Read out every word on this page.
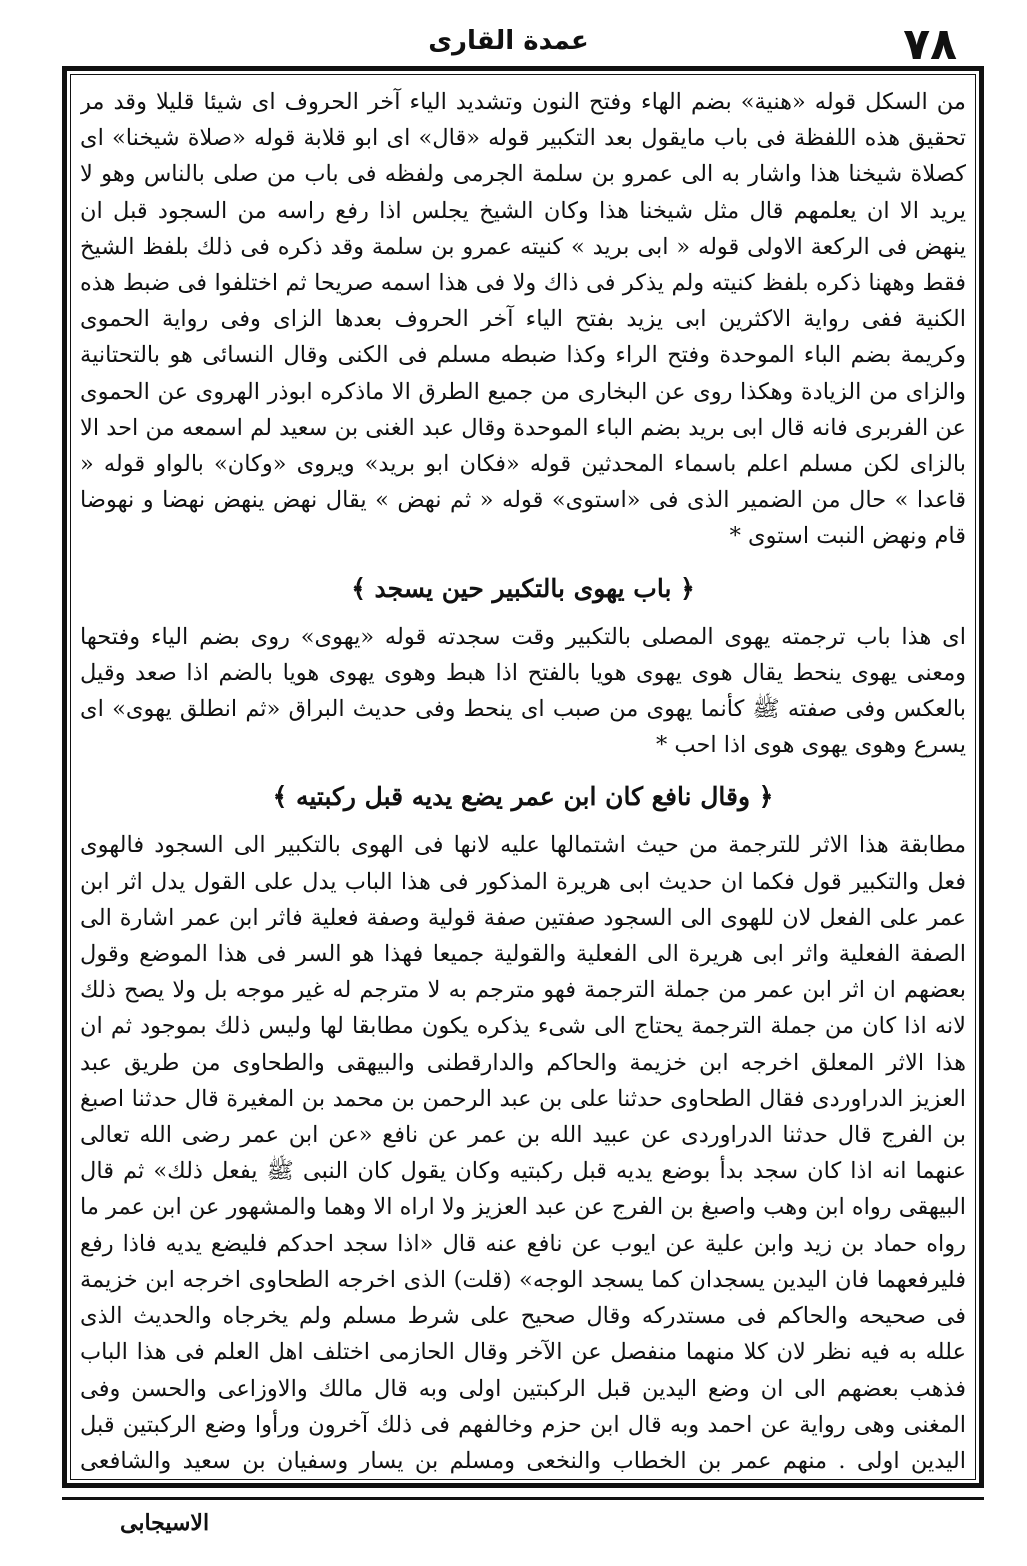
٧٨
عمدة القارى

من السكل قوله «هنية» بضم الهاء وفتح النون وتشديد الياء آخر الحروف اى شيئا قليلا وقد مر تحقيق هذه اللفظة فى باب مايقول بعد التكبير قوله «قال» اى ابو قلابة قوله «صلاة شيخنا» اى كصلاة شيخنا هذا واشار به الى عمرو بن سلمة الجرمى ولفظه فى باب من صلى بالناس وهو لا يريد الا ان يعلمهم قال مثل شيخنا هذا وكان الشيخ يجلس اذا رفع راسه من السجود قبل ان ينهض فى الركعة الاولى قوله « ابى بريد » كنيته عمرو بن سلمة وقد ذكره فى ذلك بلفظ الشيخ فقط وههنا ذكره بلفظ كنيته ولم يذكر فى ذاك ولا فى هذا اسمه صريحا ثم اختلفوا فى ضبط هذه الكنية ففى رواية الاكثرين ابى يزيد بفتح الياء آخر الحروف بعدها الزاى وفى رواية الحموى وكريمة بضم الباء الموحدة وفتح الراء وكذا ضبطه مسلم فى الكنى وقال النسائى هو بالتحتانية والزاى من الزيادة وهكذا روى عن البخارى من جميع الطرق الا ماذكره ابوذر الهروى عن الحموى عن الفربرى فانه قال ابى بريد بضم الباء الموحدة وقال عبد الغنى بن سعيد لم اسمعه من احد الا بالزاى لكن مسلم اعلم باسماء المحدثين قوله «فكان ابو بريد» ويروى «وكان» بالواو قوله « قاعدا » حال من الضمير الذى فى «استوى» قوله « ثم نهض » يقال نهض ينهض نهضا و نهوضا قام ونهض النبت استوى *

﴿ باب يهوى بالتكبير حين يسجد ﴾

اى هذا باب ترجمته يهوى المصلى بالتكبير وقت سجدته قوله «يهوى» روى بضم الياء وفتحها ومعنى يهوى ينحط يقال هوى يهوى هويا بالفتح اذا هبط وهوى يهوى هويا بالضم اذا صعد وقيل بالعكس وفى صفته ﷺ كأنما يهوى من صبب اى ينحط وفى حديث البراق «ثم انطلق يهوى» اى يسرع وهوى يهوى هوى اذا احب *

﴿ وقال نافع كان ابن عمر يضع يديه قبل ركبتيه ﴾

مطابقة هذا الاثر للترجمة من حيث اشتمالها عليه لانها فى الهوى بالتكبير الى السجود فالهوى فعل والتكبير قول فكما ان حديث ابى هريرة المذكور فى هذا الباب يدل على القول يدل اثر ابن عمر على الفعل لان للهوى الى السجود صفتين صفة قولية وصفة فعلية فاثر ابن عمر اشارة الى الصفة الفعلية واثر ابى هريرة الى الفعلية والقولية جميعا فهذا هو السر فى هذا الموضع وقول بعضهم ان اثر ابن عمر من جملة الترجمة فهو مترجم به لا مترجم له غير موجه بل ولا يصح ذلك لانه اذا كان من جملة الترجمة يحتاج الى شىء يذكره يكون مطابقا لها وليس ذلك بموجود ثم ان هذا الاثر المعلق اخرجه ابن خزيمة والحاكم والدارقطنى والبيهقى والطحاوى من طريق عبد العزيز الدراوردى فقال الطحاوى حدثنا على بن عبد الرحمن بن محمد بن المغيرة قال حدثنا اصبغ بن الفرج قال حدثنا الدراوردى عن عبيد الله بن عمر عن نافع «عن ابن عمر رضى الله تعالى عنهما انه اذا كان سجد بدأ بوضع يديه قبل ركبتيه وكان يقول كان النبى ﷺ يفعل ذلك» ثم قال البيهقى رواه ابن وهب واصبغ بن الفرج عن عبد العزيز ولا اراه الا وهما والمشهور عن ابن عمر ما رواه حماد بن زيد وابن علية عن ايوب عن نافع عنه قال «اذا سجد احدكم فليضع يديه فاذا رفع فليرفعهما فان اليدين يسجدان كما يسجد الوجه» (قلت) الذى اخرجه الطحاوى اخرجه ابن خزيمة فى صحيحه والحاكم فى مستدركه وقال صحيح على شرط مسلم ولم يخرجاه والحديث الذى علله به فيه نظر لان كلا منهما منفصل عن الآخر وقال الحازمى اختلف اهل العلم فى هذا الباب فذهب بعضهم الى ان وضع اليدين قبل الركبتين اولى وبه قال مالك والاوزاعى والحسن وفى المغنى وهى رواية عن احمد وبه قال ابن حزم وخالفهم فى ذلك آخرون ورأوا وضع الركبتين قبل اليدين اولى . منهم عمر بن الخطاب والنخعى ومسلم بن يسار وسفيان بن سعيد والشافعى

الاسيجابى
